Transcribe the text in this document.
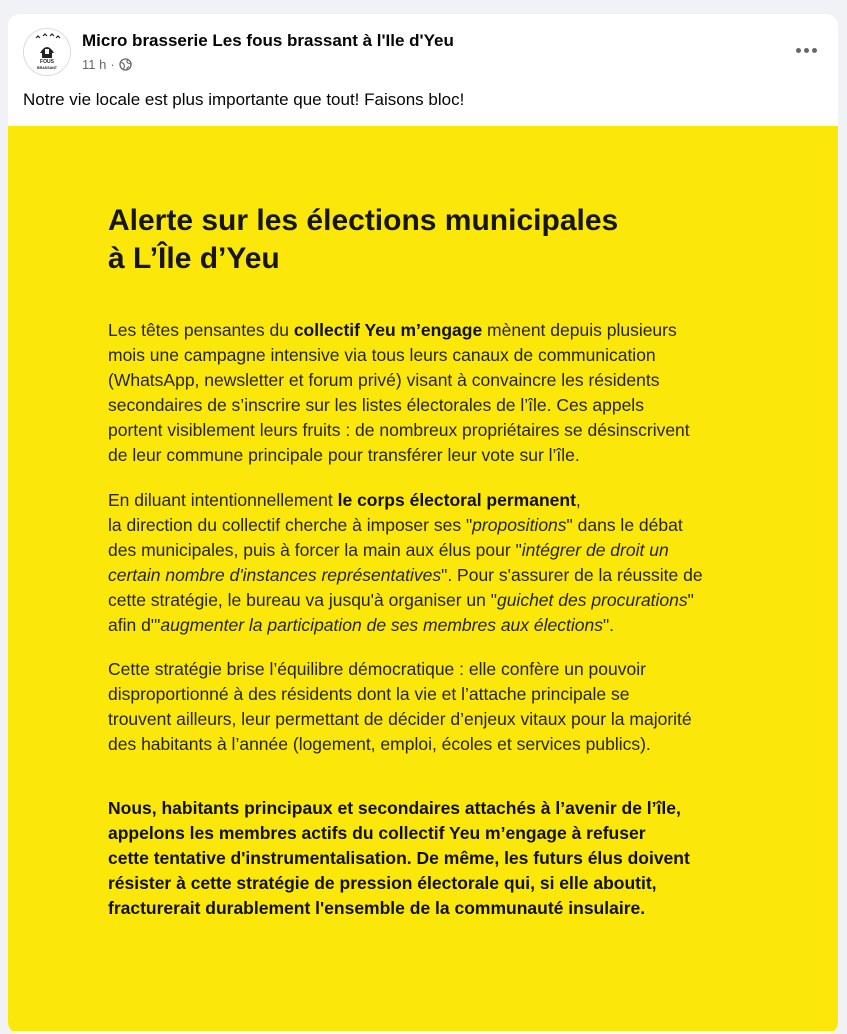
FOUS
BRASSANT
Micro brasserie Les fous brassant à l'Ile d'Yeu
11 h ·
Notre vie locale est plus importante que tout! Faisons bloc!
Alerte sur les élections municipales
à L’Île d’Yeu
Les têtes pensantes du collectif Yeu m’engage mènent depuis plusieurs
mois une campagne intensive via tous leurs canaux de communication
(WhatsApp, newsletter et forum privé) visant à convaincre les résidents
secondaires de s’inscrire sur les listes électorales de l’île. Ces appels
portent visiblement leurs fruits : de nombreux propriétaires se désinscrivent
de leur commune principale pour transférer leur vote sur l’île.
En diluant intentionnellement le corps électoral permanent,
la direction du collectif cherche à imposer ses "propositions" dans le débat
des municipales, puis à forcer la main aux élus pour "intégrer de droit un
certain nombre d'instances représentatives". Pour s'assurer de la réussite de
cette stratégie, le bureau va jusqu'à organiser un "guichet des procurations"
afin d'"augmenter la participation de ses membres aux élections".
Cette stratégie brise l’équilibre démocratique : elle confère un pouvoir
disproportionné à des résidents dont la vie et l’attache principale se
trouvent ailleurs, leur permettant de décider d’enjeux vitaux pour la majorité
des habitants à l’année (logement, emploi, écoles et services publics).
Nous, habitants principaux et secondaires attachés à l’avenir de l’île,
appelons les membres actifs du collectif Yeu m’engage à refuser
cette tentative d'instrumentalisation. De même, les futurs élus doivent
résister à cette stratégie de pression électorale qui, si elle aboutit,
fracturerait durablement l'ensemble de la communauté insulaire.
